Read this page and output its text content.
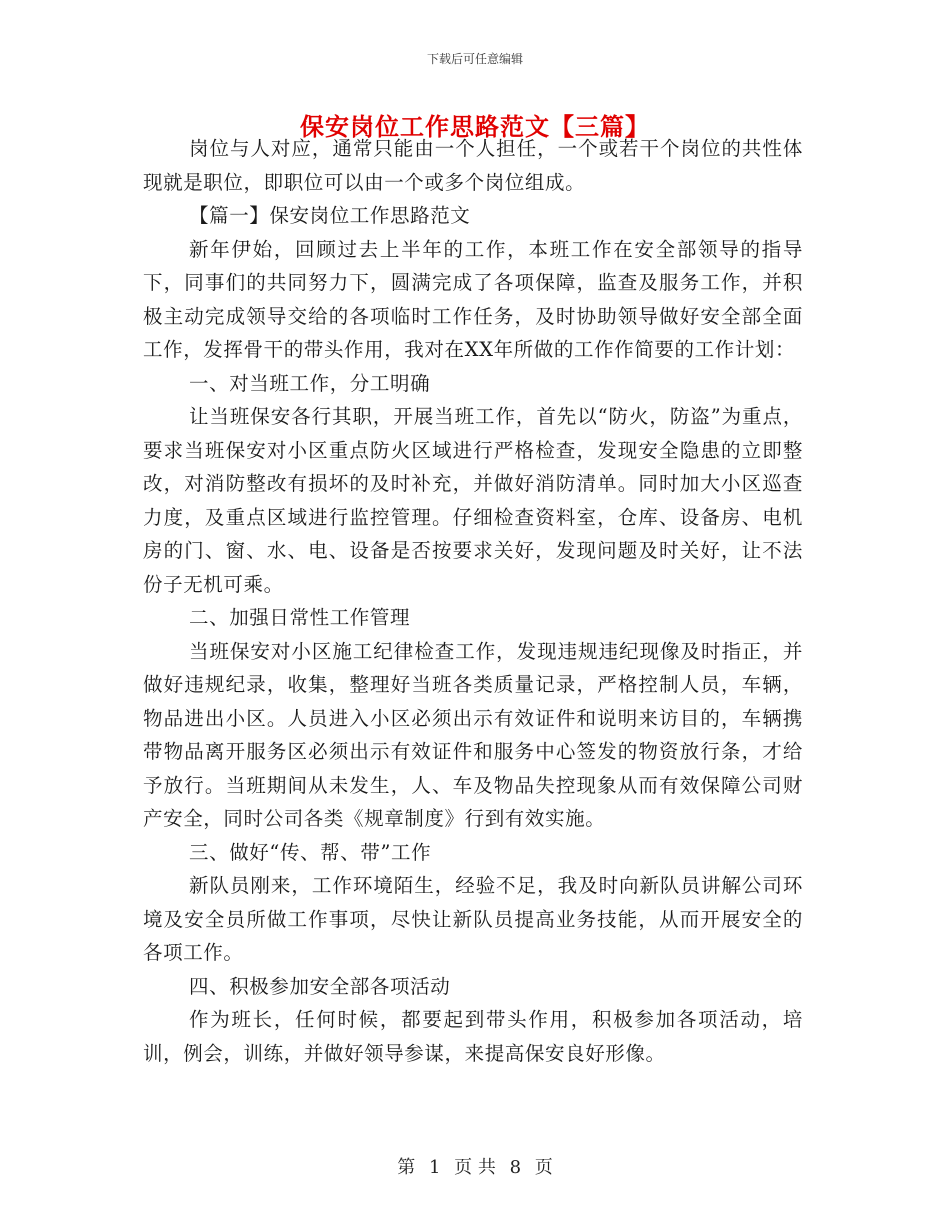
下载后可任意编辑
保安岗位工作思路范文【三篇】

岗位与人对应，通常只能由一个人担任，一个或若干个岗位的共性体现就是职位，即职位可以由一个或多个岗位组成。

【篇一】保安岗位工作思路范文

新年伊始，回顾过去上半年的工作，本班工作在安全部领导的指导下，同事们的共同努力下，圆满完成了各项保障，监查及服务工作，并积极主动完成领导交给的各项临时工作任务，及时协助领导做好安全部全面工作，发挥骨干的带头作用，我对在XX年所做的工作作简要的工作计划：

一、对当班工作，分工明确

让当班保安各行其职，开展当班工作，首先以“防火，防盗”为重点，要求当班保安对小区重点防火区域进行严格检查，发现安全隐患的立即整改，对消防整改有损坏的及时补充，并做好消防清单。同时加大小区巡查力度，及重点区域进行监控管理。仔细检查资料室，仓库、设备房、电机房的门、窗、水、电、设备是否按要求关好，发现问题及时关好，让不法份子无机可乘。

二、加强日常性工作管理

当班保安对小区施工纪律检查工作，发现违规违纪现像及时指正，并做好违规纪录，收集，整理好当班各类质量记录，严格控制人员，车辆，物品进出小区。人员进入小区必须出示有效证件和说明来访目的，车辆携带物品离开服务区必须出示有效证件和服务中心签发的物资放行条，才给予放行。当班期间从未发生，人、车及物品失控现象从而有效保障公司财产安全，同时公司各类《规章制度》行到有效实施。

三、做好“传、帮、带”工作

新队员刚来，工作环境陌生，经验不足，我及时向新队员讲解公司环境及安全员所做工作事项，尽快让新队员提高业务技能，从而开展安全的各项工作。

四、积极参加安全部各项活动

作为班长，任何时候，都要起到带头作用，积极参加各项活动，培训，例会，训练，并做好领导参谋，来提高保安良好形像。

第 1 页 共 8 页
